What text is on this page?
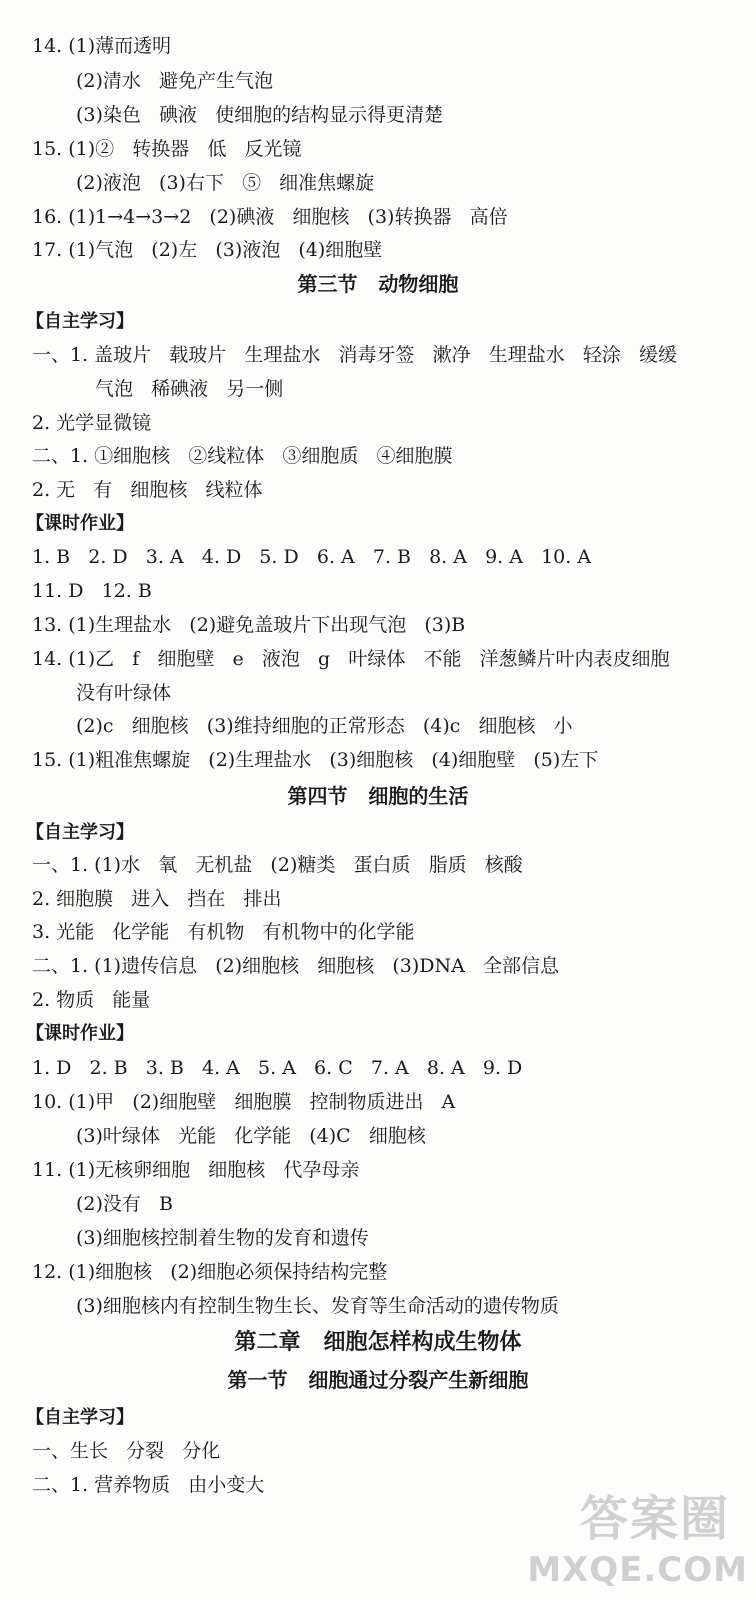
14. (1)薄而透明
(2)清水   避免产生气泡
(3)染色   碘液   使细胞的结构显示得更清楚
15. (1)②   转换器   低   反光镜
(2)液泡   (3)右下   ⑤   细准焦螺旋
16. (1)1→4→3→2   (2)碘液   细胞核   (3)转换器   高倍
17. (1)气泡   (2)左   (3)液泡   (4)细胞壁
第三节   动物细胞
【自主学习】
一、1. 盖玻片   载玻片   生理盐水   消毒牙签   漱净   生理盐水   轻涂   缓缓
气泡   稀碘液   另一侧
2. 光学显微镜
二、1. ①细胞核   ②线粒体   ③细胞质   ④细胞膜
2. 无   有   细胞核   线粒体
【课时作业】
1. B   2. D   3. A   4. D   5. D   6. A   7. B   8. A   9. A   10. A
11. D   12. B
13. (1)生理盐水   (2)避免盖玻片下出现气泡   (3)B
14. (1)乙   f   细胞壁   e   液泡   g   叶绿体   不能   洋葱鳞片叶内表皮细胞
没有叶绿体
(2)c   细胞核   (3)维持细胞的正常形态   (4)c   细胞核   小
15. (1)粗准焦螺旋   (2)生理盐水   (3)细胞核   (4)细胞壁   (5)左下
第四节   细胞的生活
【自主学习】
一、1. (1)水   氧   无机盐   (2)糖类   蛋白质   脂质   核酸
2. 细胞膜   进入   挡在   排出
3. 光能   化学能   有机物   有机物中的化学能
二、1. (1)遗传信息   (2)细胞核   细胞核   (3)DNA   全部信息
2. 物质   能量
【课时作业】
1. D   2. B   3. B   4. A   5. A   6. C   7. A   8. A   9. D
10. (1)甲   (2)细胞壁   细胞膜   控制物质进出   A
(3)叶绿体   光能   化学能   (4)C   细胞核
11. (1)无核卵细胞   细胞核   代孕母亲
(2)没有   B
(3)细胞核控制着生物的发育和遗传
12. (1)细胞核   (2)细胞必须保持结构完整
(3)细胞核内有控制生物生长、发育等生命活动的遗传物质
第二章   细胞怎样构成生物体
第一节   细胞通过分裂产生新细胞
【自主学习】
一、生长   分裂   分化
二、1. 营养物质   由小变大
答案圈
MXQE.COM
